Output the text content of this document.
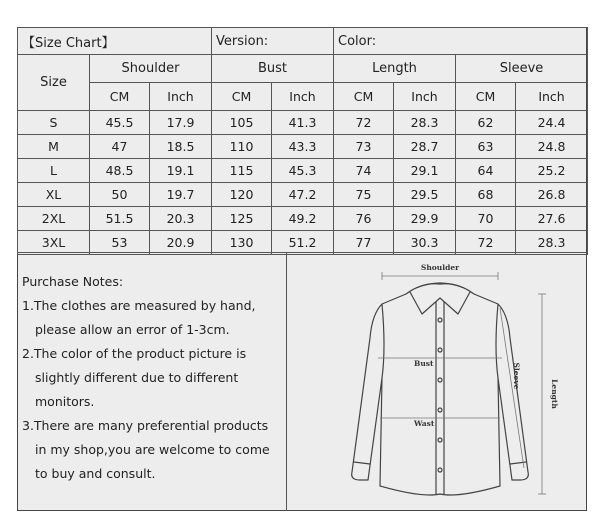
【Size Chart】			Version:		Color:			
Size	Shoulder		Bust		Length		Sleeve	
	CM	Inch	CM	Inch	CM	Inch	CM	Inch
S	45.5	17.9	105	41.3	72	28.3	62	24.4
M	47	18.5	110	43.3	73	28.7	63	24.8
L	48.5	19.1	115	45.3	74	29.1	64	25.2
XL	50	19.7	120	47.2	75	29.5	68	26.8
2XL	51.5	20.3	125	49.2	76	29.9	70	27.6
3XL	53	20.9	130	51.2	77	30.3	72	28.3
Purchase Notes:
1.The clothes are measured by hand,
please allow an error of 1-3cm.
2.The color of the product picture is
slightly different due to different
monitors.
3.There are many preferential products
in my shop,you are welcome to come
to buy and consult.
Shoulder
Bust
Wast
Sleeve
Length
